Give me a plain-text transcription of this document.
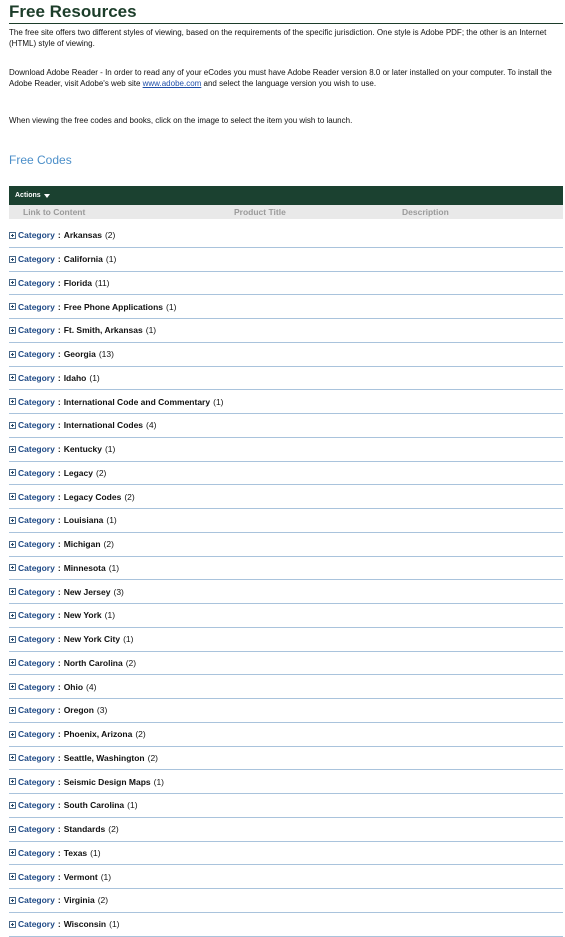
Free Resources

The free site offers two different styles of viewing, based on the requirements of the specific jurisdiction. One style is Adobe PDF; the other is an Internet (HTML) style of viewing.

Download Adobe Reader - In order to read any of your eCodes you must have Adobe Reader version 8.0 or later installed on your computer. To install the Adobe Reader, visit Adobe's web site www.adobe.com and select the language version you wish to use.

When viewing the free codes and books, click on the image to select the item you wish to launch.

Free Codes
Actions
Link to Content	Product Title	Description
Category : Arkansas (2)
Category : California (1)
Category : Florida (11)
Category : Free Phone Applications (1)
Category : Ft. Smith, Arkansas (1)
Category : Georgia (13)
Category : Idaho (1)
Category : International Code and Commentary (1)
Category : International Codes (4)
Category : Kentucky (1)
Category : Legacy (2)
Category : Legacy Codes (2)
Category : Louisiana (1)
Category : Michigan (2)
Category : Minnesota (1)
Category : New Jersey (3)
Category : New York (1)
Category : New York City (1)
Category : North Carolina (2)
Category : Ohio (4)
Category : Oregon (3)
Category : Phoenix, Arizona (2)
Category : Seattle, Washington (2)
Category : Seismic Design Maps (1)
Category : South Carolina (1)
Category : Standards (2)
Category : Texas (1)
Category : Vermont (1)
Category : Virginia (2)
Category : Wisconsin (1)
